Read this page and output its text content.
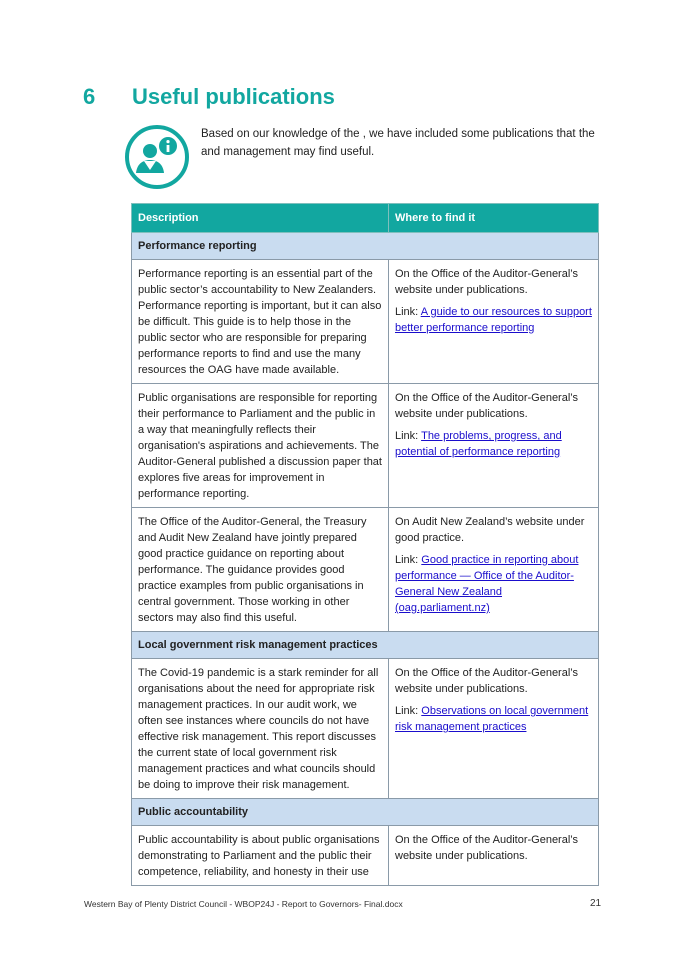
6 Useful publications
Based on our knowledge of the , we have included some publications that the and management may find useful.
Description	Where to find it
Performance reporting	
Performance reporting is an essential part of the public sector’s accountability to New Zealanders. Performance reporting is important, but it can also be difficult. This guide is to help those in the public sector who are responsible for preparing performance reports to find and use the many resources the OAG have made available.	On the Office of the Auditor-General’s website under publications.

Link: A guide to our resources to support better performance reporting

Public organisations are responsible for reporting their performance to Parliament and the public in a way that meaningfully reflects their organisation's aspirations and achievements. The Auditor-General published a discussion paper that explores five areas for improvement in performance reporting.	On the Office of the Auditor-General’s website under publications.

Link: The problems, progress, and potential of performance reporting

The Office of the Auditor-General, the Treasury and Audit New Zealand have jointly prepared good practice guidance on reporting about performance. The guidance provides good practice examples from public organisations in central government. Those working in other sectors may also find this useful.	On Audit New Zealand’s website under good practice.

Link: Good practice in reporting about performance — Office of the Auditor-General New Zealand (oag.parliament.nz)

Local government risk management practices	
The Covid-19 pandemic is a stark reminder for all organisations about the need for appropriate risk management practices. In our audit work, we often see instances where councils do not have effective risk management. This report discusses the current state of local government risk management practices and what councils should be doing to improve their risk management.	On the Office of the Auditor-General’s website under publications.

Link: Observations on local government risk management practices

Public accountability	
Public accountability is about public organisations demonstrating to Parliament and the public their competence, reliability, and honesty in their use	On the Office of the Auditor-General’s website under publications.

Western Bay of Plenty District Council - WBOP24J - Report to Governors- Final.docx	21
